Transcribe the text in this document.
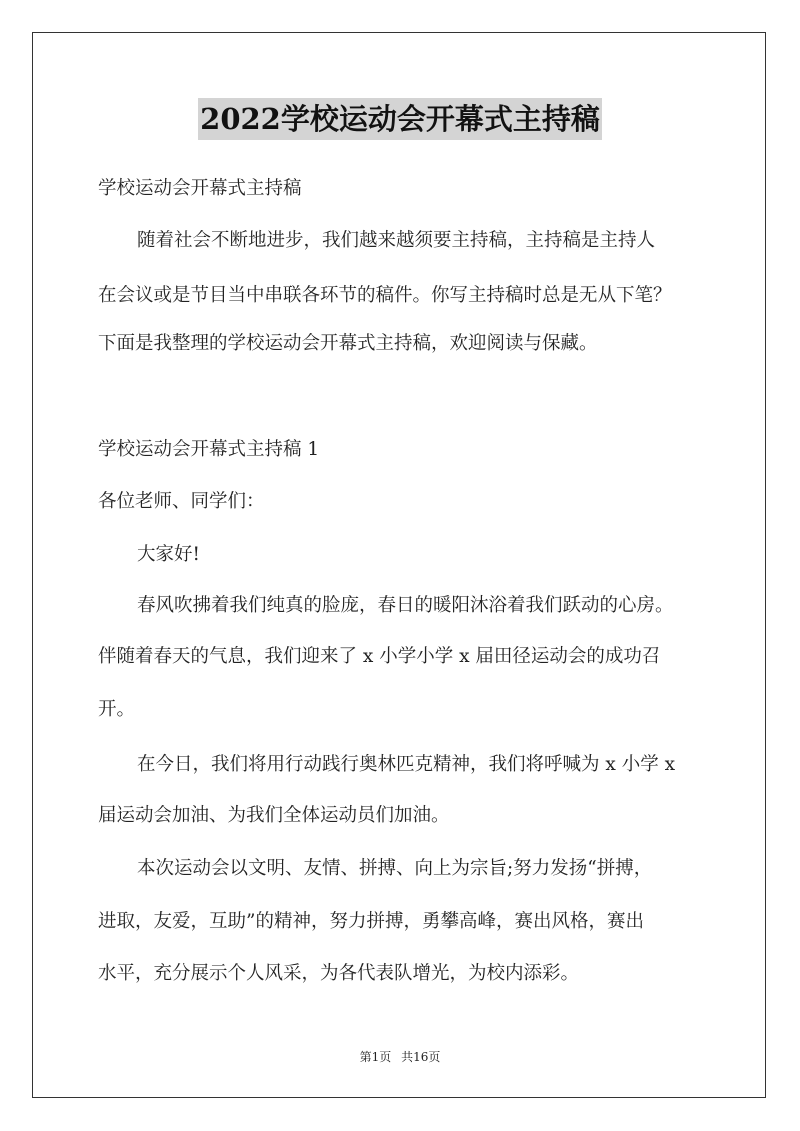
2022学校运动会开幕式主持稿
学校运动会开幕式主持稿
随着社会不断地进步，我们越来越须要主持稿，主持稿是主持人
在会议或是节目当中串联各环节的稿件。你写主持稿时总是无从下笔？
下面是我整理的学校运动会开幕式主持稿，欢迎阅读与保藏。
学校运动会开幕式主持稿 1
各位老师、同学们：
大家好!
春风吹拂着我们纯真的脸庞，春日的暖阳沐浴着我们跃动的心房。
伴随着春天的气息，我们迎来了 x 小学小学 x 届田径运动会的成功召
开。
在今日，我们将用行动践行奥林匹克精神，我们将呼喊为 x 小学 x
届运动会加油、为我们全体运动员们加油。
本次运动会以文明、友情、拼搏、向上为宗旨;努力发扬“拼搏，
进取，友爱，互助”的精神，努力拼搏，勇攀高峰，赛出风格，赛出
水平，充分展示个人风采，为各代表队增光，为校内添彩。
第1页 共16页
